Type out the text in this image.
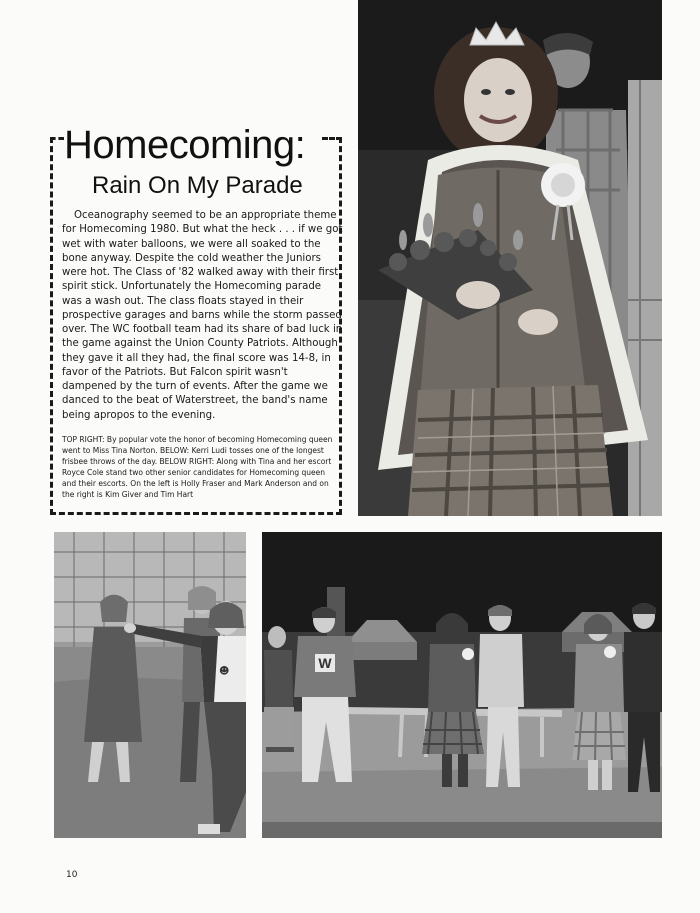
Homecoming:
Rain On My Parade

Oceanography seemed to be an appropriate theme for Homecoming 1980. But what the heck . . . if we got wet with water balloons, we were all soaked to the bone anyway. Despite the cold weather the Juniors were hot. The Class of '82 walked away with their first spirit stick. Unfortunately the Homecoming parade was a wash out. The class floats stayed in their prospective garages and barns while the storm passed over. The WC football team had its share of bad luck in the game against the Union County Patriots. Although they gave it all they had, the final score was 14-8, in favor of the Patriots. But Falcon spirit wasn't dampened by the turn of events. After the game we danced to the beat of Waterstreet, the band's name being apropos to the evening.

TOP RIGHT: By popular vote the honor of becoming Homecoming queen went to Miss Tina Norton. BELOW: Kerri Ludi tosses one of the longest frisbee throws of the day. BELOW RIGHT: Along with Tina and her escort Royce Cole stand two other senior candidates for Homecoming queen and their escorts. On the left is Holly Fraser and Mark Anderson and on the right is Kim Giver and Tim Hart

☻
W
10
